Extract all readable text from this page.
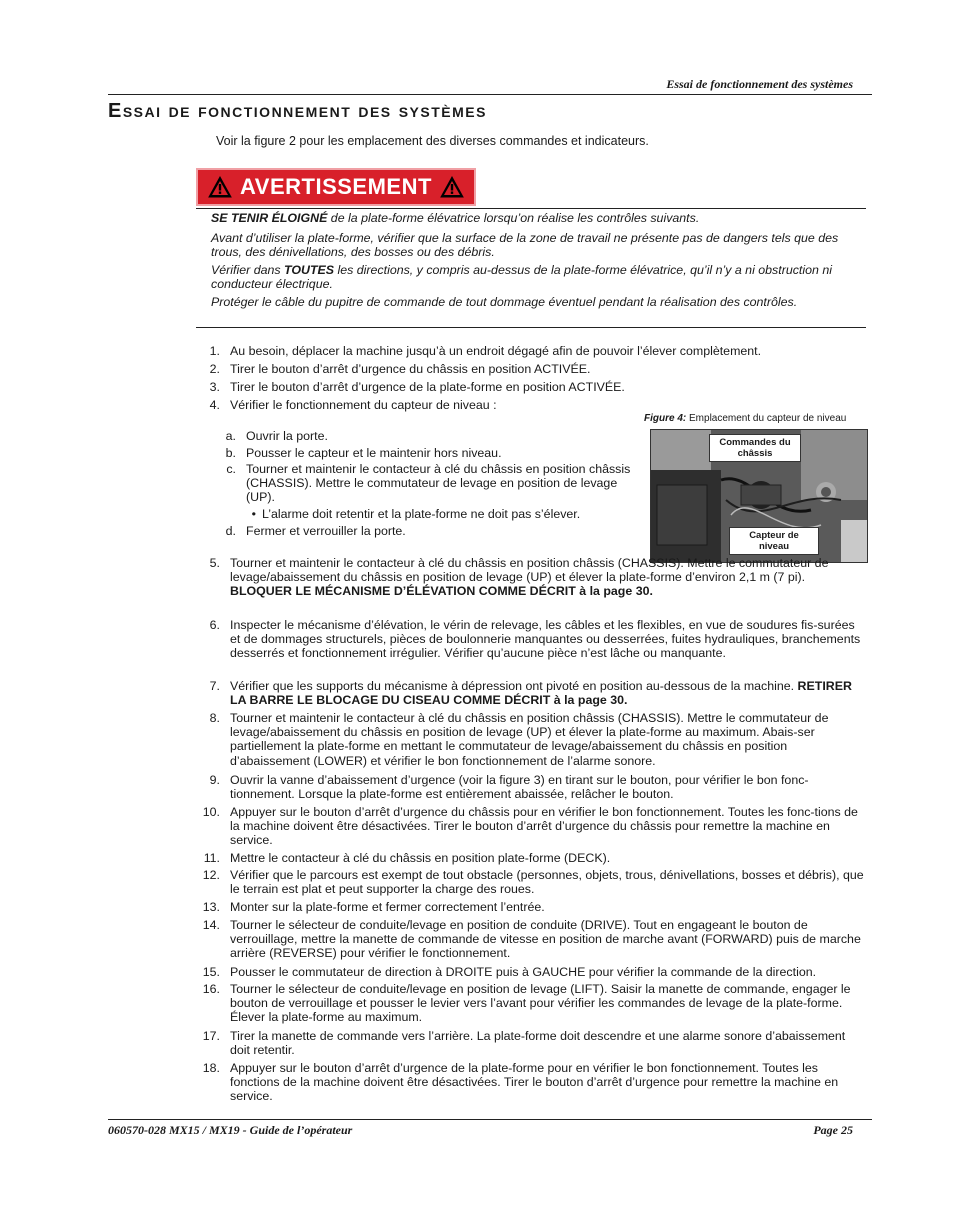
Essai de fonctionnement des systèmes
Essai de fonctionnement des systèmes
Voir la figure 2 pour les emplacement des diverses commandes et indicateurs.
AVERTISSEMENT

SE TENIR ÉLOIGNÉ de la plate-forme élévatrice lorsqu’on réalise les contrôles suivants.

Avant d’utiliser la plate-forme, vérifier que la surface de la zone de travail ne présente pas de dangers tels que des trous, des dénivellations, des bosses ou des débris.

Vérifier dans TOUTES les directions, y compris au-dessus de la plate-forme élévatrice, qu’il n’y a ni obstruction ni conducteur électrique.

Protéger le câble du pupitre de commande de tout dommage éventuel pendant la réalisation des contrôles.

Figure 4: Emplacement du capteur de niveau
Commandes du châssis
Capteur de niveau
1. Au besoin, déplacer la machine jusqu’à un endroit dégagé afin de pouvoir l’élever complètement.
2. Tirer le bouton d’arrêt d’urgence du châssis en position ACTIVÉE.
3. Tirer le bouton d’arrêt d’urgence de la plate-forme en position ACTIVÉE.
4. Vérifier le fonctionnement du capteur de niveau :
a. Ouvrir la porte.
b. Pousser le capteur et le maintenir hors niveau.
c. Tourner et maintenir le contacteur à clé du châssis en position châssis (CHASSIS). Mettre le commutateur de levage en position de levage (UP).
• L’alarme doit retentir et la plate-forme ne doit pas s’élever.
d. Fermer et verrouiller la porte.
5. Tourner et maintenir le contacteur à clé du châssis en position châssis (CHASSIS). Mettre le commutateur de levage/abaissement du châssis en position de levage (UP) et élever la plate-forme d’environ 2,1 m (7 pi). BLOQUER LE MÉCANISME D’ÉLÉVATION COMME DÉCRIT à la page 30.
6. Inspecter le mécanisme d’élévation, le vérin de relevage, les câbles et les flexibles, en vue de soudures fis-surées et de dommages structurels, pièces de boulonnerie manquantes ou desserrées, fuites hydrauliques, branchements desserrés et fonctionnement irrégulier. Vérifier qu’aucune pièce n’est lâche ou manquante.
7. Vérifier que les supports du mécanisme à dépression ont pivoté en position au-dessous de la machine. RETIRER LA BARRE LE BLOCAGE DU CISEAU COMME DÉCRIT à la page 30.
8. Tourner et maintenir le contacteur à clé du châssis en position châssis (CHASSIS). Mettre le commutateur de levage/abaissement du châssis en position de levage (UP) et élever la plate-forme au maximum. Abais-ser partiellement la plate-forme en mettant le commutateur de levage/abaissement du châssis en position d’abaissement (LOWER) et vérifier le bon fonctionnement de l’alarme sonore.
9. Ouvrir la vanne d’abaissement d’urgence (voir la figure 3) en tirant sur le bouton, pour vérifier le bon fonc-tionnement. Lorsque la plate-forme est entièrement abaissée, relâcher le bouton.
10. Appuyer sur le bouton d’arrêt d’urgence du châssis pour en vérifier le bon fonctionnement. Toutes les fonc-tions de la machine doivent être désactivées. Tirer le bouton d’arrêt d’urgence du châssis pour remettre la machine en service.
11. Mettre le contacteur à clé du châssis en position plate-forme (DECK).
12. Vérifier que le parcours est exempt de tout obstacle (personnes, objets, trous, dénivellations, bosses et débris), que le terrain est plat et peut supporter la charge des roues.
13. Monter sur la plate-forme et fermer correctement l’entrée.
14. Tourner le sélecteur de conduite/levage en position de conduite (DRIVE). Tout en engageant le bouton de verrouillage, mettre la manette de commande de vitesse en position de marche avant (FORWARD) puis de marche arrière (REVERSE) pour vérifier le fonctionnement.
15. Pousser le commutateur de direction à DROITE puis à GAUCHE pour vérifier la commande de la direction.
16. Tourner le sélecteur de conduite/levage en position de levage (LIFT). Saisir la manette de commande, engager le bouton de verrouillage et pousser le levier vers l’avant pour vérifier les commandes de levage de la plate-forme. Élever la plate-forme au maximum.
17. Tirer la manette de commande vers l’arrière. La plate-forme doit descendre et une alarme sonore d’abaissement doit retentir.
18. Appuyer sur le bouton d’arrêt d’urgence de la plate-forme pour en vérifier le bon fonctionnement. Toutes les fonctions de la machine doivent être désactivées. Tirer le bouton d’arrêt d’urgence pour remettre la machine en service.
060570-028 MX15 / MX19 - Guide de l’opérateur	Page 25
